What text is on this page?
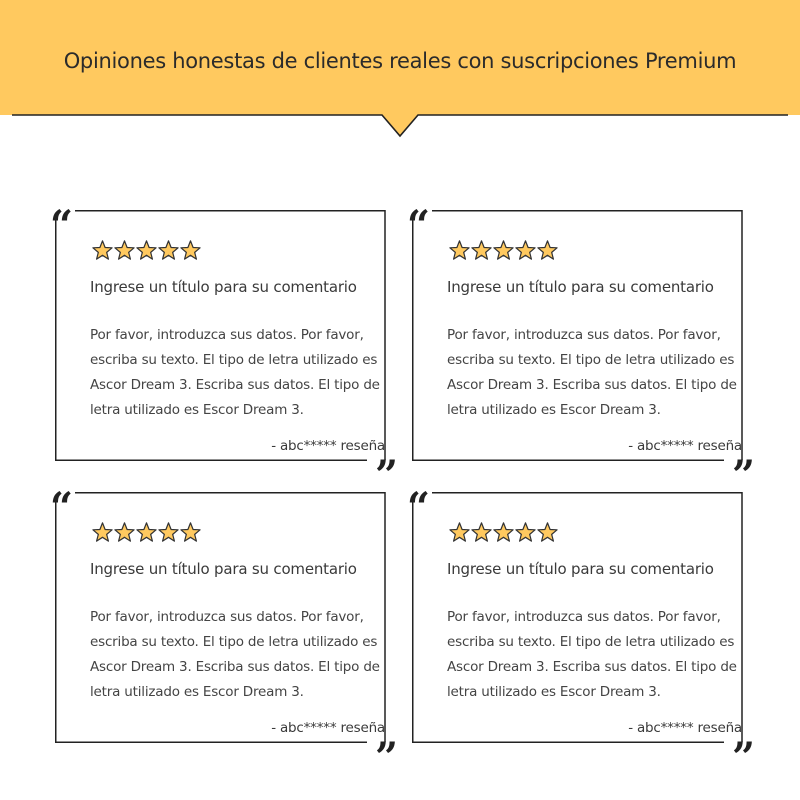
Opiniones honestas de clientes reales con suscripciones Premium
“
”
Ingrese un título para su comentario
Por favor, introduzca sus datos. Por favor, escriba su texto. El tipo de letra utilizado es Ascor Dream 3. Escriba sus datos. El tipo de letra utilizado es Escor Dream 3.
- abc***** reseña
“
”
Ingrese un título para su comentario
Por favor, introduzca sus datos. Por favor, escriba su texto. El tipo de letra utilizado es Ascor Dream 3. Escriba sus datos. El tipo de letra utilizado es Escor Dream 3.
- abc***** reseña
“
”
Ingrese un título para su comentario
Por favor, introduzca sus datos. Por favor, escriba su texto. El tipo de letra utilizado es Ascor Dream 3. Escriba sus datos. El tipo de letra utilizado es Escor Dream 3.
- abc***** reseña
“
”
Ingrese un título para su comentario
Por favor, introduzca sus datos. Por favor, escriba su texto. El tipo de letra utilizado es Ascor Dream 3. Escriba sus datos. El tipo de letra utilizado es Escor Dream 3.
- abc***** reseña
